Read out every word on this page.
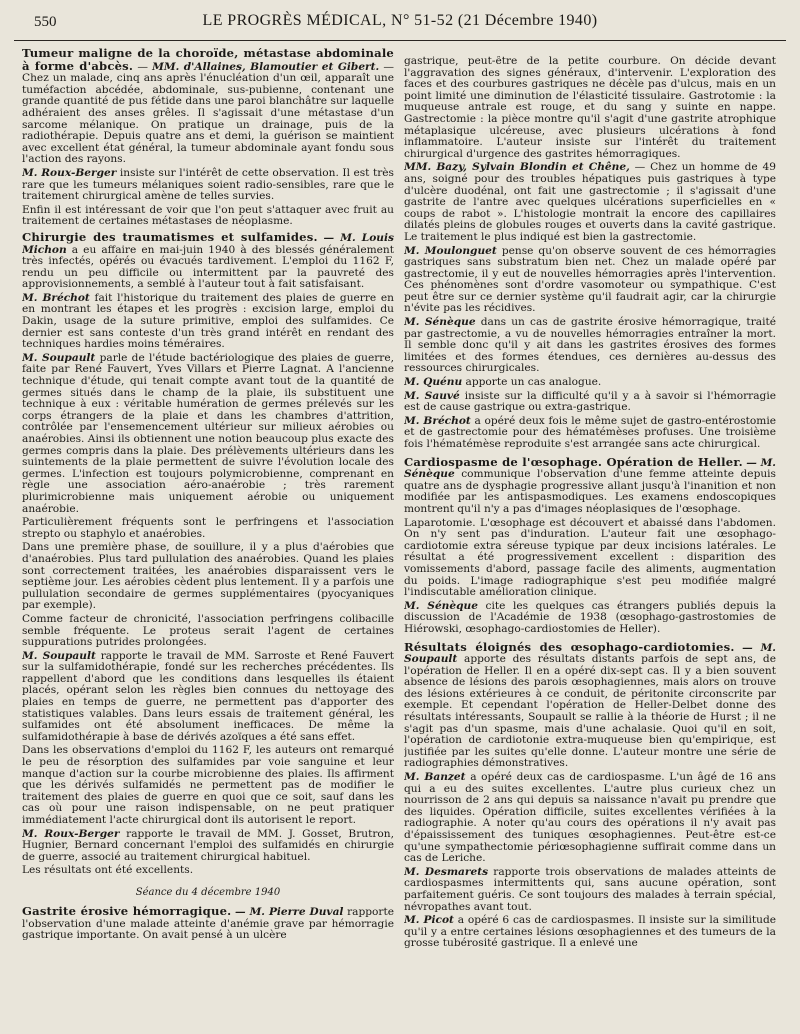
550	LE PROGRÈS MÉDICAL, N° 51-52 (21 Décembre 1940)

Tumeur maligne de la choroïde, métastase abdominale à forme d'abcès. — MM. d'Allaines, Blamoutier et Gibert. — Chez un malade, cinq ans après l'énucléation d'un œil, apparaît une tuméfaction abcédée, abdominale, sus-pubienne, contenant une grande quantité de pus fétide dans une paroi blanchâtre sur laquelle adhéraient des anses grêles. Il s'agissait d'une métastase d'un sarcome mélanique. On pratique un drainage, puis de la radiothérapie. Depuis quatre ans et demi, la guérison se maintient avec excellent état général, la tumeur abdominale ayant fondu sous l'action des rayons.

M. Roux-Berger insiste sur l'intérêt de cette observation. Il est très rare que les tumeurs mélaniques soient radio-sensibles, rare que le traitement chirurgical amène de telles survies.

Enfin il est intéressant de voir que l'on peut s'attaquer avec fruit au traitement de certaines métastases de néoplasme.

Chirurgie des traumatismes et sulfamides. — M. Louis Michon a eu affaire en mai-juin 1940 à des blessés généralement très infectés, opérés ou évacués tardivement. L'emploi du 1162 F, rendu un peu difficile ou intermittent par la pauvreté des approvisionnements, a semblé à l'auteur tout à fait satisfaisant.

M. Bréchot fait l'historique du traitement des plaies de guerre en en montrant les étapes et les progrès : excision large, emploi du Dakin, usage de la suture primitive, emploi des sulfamides. Ce dernier est sans conteste d'un très grand intérêt en rendant des techniques hardies moins téméraires.

M. Soupault parle de l'étude bactériologique des plaies de guerre, faite par René Fauvert, Yves Villars et Pierre Lagnat. A l'ancienne technique d'étude, qui tenait compte avant tout de la quantité de germes situés dans le champ de la plaie, ils substituent une technique à eux : véritable humération de germes prélevés sur les corps étrangers de la plaie et dans les chambres d'attrition, contrôlée par l'ensemencement ultérieur sur milieux aérobies ou anaérobies. Ainsi ils obtiennent une notion beaucoup plus exacte des germes compris dans la plaie. Des prélèvements ultérieurs dans les suintements de la plaie permettent de suivre l'évolution locale des germes. L'infection est toujours polymicrobienne, comprenant en règle une association aéro-anaérobie ; très rarement plurimicrobienne mais uniquement aérobie ou uniquement anaérobie.

Particulièrement fréquents sont le perfringens et l'association strepto ou staphylo et anaérobies.

Dans une première phase, de souillure, il y a plus d'aérobies que d'anaérobies. Plus tard pullulation des anaérobies. Quand les plaies sont correctement traitées, les anaérobies disparaissent vers le septième jour. Les aérobies cèdent plus lentement. Il y a parfois une pullulation secondaire de germes supplémentaires (pyocyaniques par exemple).

Comme facteur de chronicité, l'association perfringens colibacille semble fréquente. Le proteus serait l'agent de certaines suppurations putrides prolongées.

M. Soupault rapporte le travail de MM. Sarroste et René Fauvert sur la sulfamidothérapie, fondé sur les recherches précédentes. Ils rappellent d'abord que les conditions dans lesquelles ils étaient placés, opérant selon les règles bien connues du nettoyage des plaies en temps de guerre, ne permettent pas d'apporter des statistiques valables. Dans leurs essais de traitement général, les sulfamides ont été absolument inefficaces. De même la sulfamidothérapie à base de dérivés azoïques a été sans effet.

Dans les observations d'emploi du 1162 F, les auteurs ont remarqué le peu de résorption des sulfamides par voie sanguine et leur manque d'action sur la courbe microbienne des plaies. Ils affirment que les dérivés sulfamidés ne permettent pas de modifier le traitement des plaies de guerre en quoi que ce soit, sauf dans les cas où pour une raison indispensable, on ne peut pratiquer immédiatement l'acte chirurgical dont ils autorisent le report.

M. Roux-Berger rapporte le travail de MM. J. Gosset, Brutron, Hugnier, Bernard concernant l'emploi des sulfamidés en chirurgie de guerre, associé au traitement chirurgical habituel.

Les résultats ont été excellents.

Séance du 4 décembre 1940

Gastrite érosive hémorragique. — M. Pierre Duval rapporte l'observation d'une malade atteinte d'anémie grave par hémorragie gastrique importante. On avait pensé à un ulcère

gastrique, peut-être de la petite courbure. On décide devant l'aggravation des signes généraux, d'intervenir. L'exploration des faces et des courbures gastriques ne décèle pas d'ulcus, mais en un point limité une diminution de l'élasticité tissulaire. Gastrotomie : la muqueuse antrale est rouge, et du sang y suinte en nappe. Gastrectomie : la pièce montre qu'il s'agit d'une gastrite atrophique métaplasique ulcéreuse, avec plusieurs ulcérations à fond inflammatoire. L'auteur insiste sur l'intérêt du traitement chirurgical d'urgence des gastrites hémorragiques.

MM. Bazy, Sylvain Blondin et Chêne, — Chez un homme de 49 ans, soigné pour des troubles hépatiques puis gastriques à type d'ulcère duodénal, ont fait une gastrectomie ; il s'agissait d'une gastrite de l'antre avec quelques ulcérations superficielles en « coups de rabot ». L'histologie montrait la encore des capillaires dilatés pleins de globules rouges et ouverts dans la cavité gastrique. Le traitement le plus indiqué est bien la gastrectomie.

M. Moulonguet pense qu'on observe souvent de ces hémorragies gastriques sans substratum bien net. Chez un malade opéré par gastrectomie, il y eut de nouvelles hémorragies après l'intervention. Ces phénomènes sont d'ordre vasomoteur ou sympathique. C'est peut être sur ce dernier système qu'il faudrait agir, car la chirurgie n'évite pas les récidives.

M. Sénèque dans un cas de gastrite érosive hémorragique, traité par gastrectomie, a vu de nouvelles hémorragies entraîner la mort. Il semble donc qu'il y ait dans les gastrites érosives des formes limitées et des formes étendues, ces dernières au-dessus des ressources chirurgicales.

M. Quénu apporte un cas analogue.

M. Sauvé insiste sur la difficulté qu'il y a à savoir si l'hémorragie est de cause gastrique ou extra-gastrique.

M. Bréchot a opéré deux fois le même sujet de gastro-entérostomie et de gastrectomie pour des hématémèses profuses. Une troisième fois l'hématémèse reproduite s'est arrangée sans acte chirurgical.

Cardiospasme de l'œsophage. Opération de Heller. — M. Sénèque communique l'observation d'une femme atteinte depuis quatre ans de dysphagie progressive allant jusqu'à l'inanition et non modifiée par les antispasmodiques. Les examens endoscopiques montrent qu'il n'y a pas d'images néoplasiques de l'œsophage.

Laparotomie. L'œsophage est découvert et abaissé dans l'abdomen. On n'y sent pas d'induration. L'auteur fait une œsophago-cardiotomie extra séreuse typique par deux incisions latérales. Le résultat a été progressivement excellent : disparition des vomissements d'abord, passage facile des aliments, augmentation du poids. L'image radiographique s'est peu modifiée malgré l'indiscutable amélioration clinique.

M. Sénèque cite les quelques cas étrangers publiés depuis la discussion de l'Académie de 1938 (œsophago-gastrostomies de Hiérowski, œsophago-cardiostomies de Heller).

Résultats éloignés des œsophago-cardiotomies. — M. Soupault apporte des résultats distants parfois de sept ans, de l'opération de Heller. Il en a opéré dix-sept cas. Il y a bien souvent absence de lésions des parois œsophagiennes, mais alors on trouve des lésions extérieures à ce conduit, de péritonite circonscrite par exemple. Et cependant l'opération de Heller-Delbet donne des résultats intéressants, Soupault se rallie à la théorie de Hurst ; il ne s'agit pas d'un spasme, mais d'une achalasie. Quoi qu'il en soit, l'opération de cardiotonie extra-muqueuse bien qu'empirique, est justifiée par les suites qu'elle donne. L'auteur montre une série de radiographies démonstratives.

M. Banzet a opéré deux cas de cardiospasme. L'un âgé de 16 ans qui a eu des suites excellentes. L'autre plus curieux chez un nourrisson de 2 ans qui depuis sa naissance n'avait pu prendre que des liquides. Opération difficile, suites excellentes vérifiées à la radiographie. A noter qu'au cours des opérations il n'y avait pas d'épaississement des tuniques œsophagiennes. Peut-être est-ce qu'une sympathectomie périœsophagienne suffirait comme dans un cas de Leriche.

M. Desmarets rapporte trois observations de malades atteints de cardiospasmes intermittents qui, sans aucune opération, sont parfaitement guéris. Ce sont toujours des malades à terrain spécial, névropathes avant tout.

M. Picot a opéré 6 cas de cardiospasmes. Il insiste sur la similitude qu'il y a entre certaines lésions œsophagiennes et des tumeurs de la grosse tubérosité gastrique. Il a enlevé une
